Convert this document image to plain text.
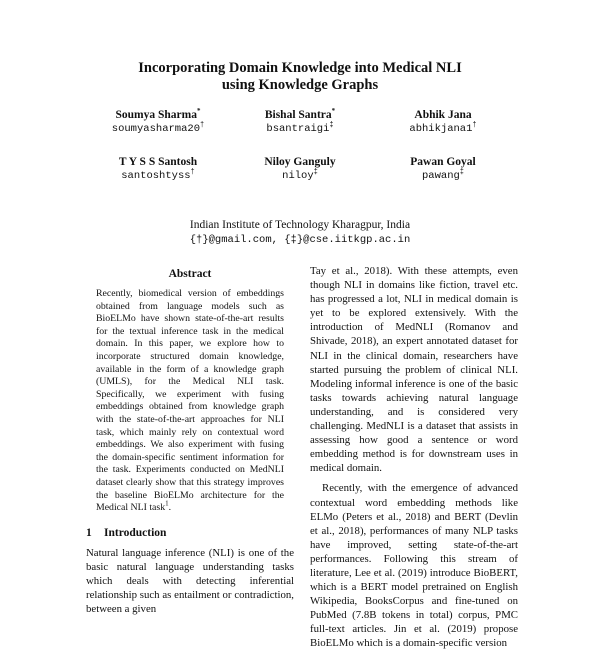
Incorporating Domain Knowledge into Medical NLI
using Knowledge Graphs
Soumya Sharma*
soumyasharma20†
Bishal Santra*
bsantraigi‡
Abhik Jana
abhikjana1†
T Y S S Santosh
santoshtyss†
Niloy Ganguly
niloy‡
Pawan Goyal
pawang‡
Indian Institute of Technology Kharagpur, India
{†}@gmail.com, {‡}@cse.iitkgp.ac.in
Abstract

Recently, biomedical version of embeddings obtained from language models such as BioELMo have shown state-of-the-art results for the textual inference task in the medical domain. In this paper, we explore how to incorporate structured domain knowledge, available in the form of a knowledge graph (UMLS), for the Medical NLI task. Specifically, we experiment with fusing embeddings obtained from knowledge graph with the state-of-the-art approaches for NLI task, which mainly rely on contextual word embeddings. We also experiment with fusing the domain-specific sentiment information for the task. Experiments conducted on MedNLI dataset clearly show that this strategy improves the baseline BioELMo architecture for the Medical NLI task$^1$.

1 Introduction

Natural language inference (NLI) is one of the basic natural language understanding tasks which deals with detecting inferential relationship such as entailment or contradiction, between a given

Tay et al., 2018). With these attempts, even though NLI in domains like fiction, travel etc. has progressed a lot, NLI in medical domain is yet to be explored extensively. With the introduction of MedNLI (Romanov and Shivade, 2018), an expert annotated dataset for NLI in the clinical domain, researchers have started pursuing the problem of clinical NLI. Modeling informal inference is one of the basic tasks towards achieving natural language understanding, and is considered very challenging. MedNLI is a dataset that assists in assessing how good a sentence or word embedding method is for downstream uses in medical domain.

Recently, with the emergence of advanced contextual word embedding methods like ELMo (Peters et al., 2018) and BERT (Devlin et al., 2018), performances of many NLP tasks have improved, setting state-of-the-art performances. Following this stream of literature, Lee et al. (2019) introduce BioBERT, which is a BERT model pretrained on English Wikipedia, BooksCorpus and fine-tuned on PubMed (7.8B tokens in total) corpus, PMC full-text articles. Jin et al. (2019) propose BioELMo which is a domain-specific version
